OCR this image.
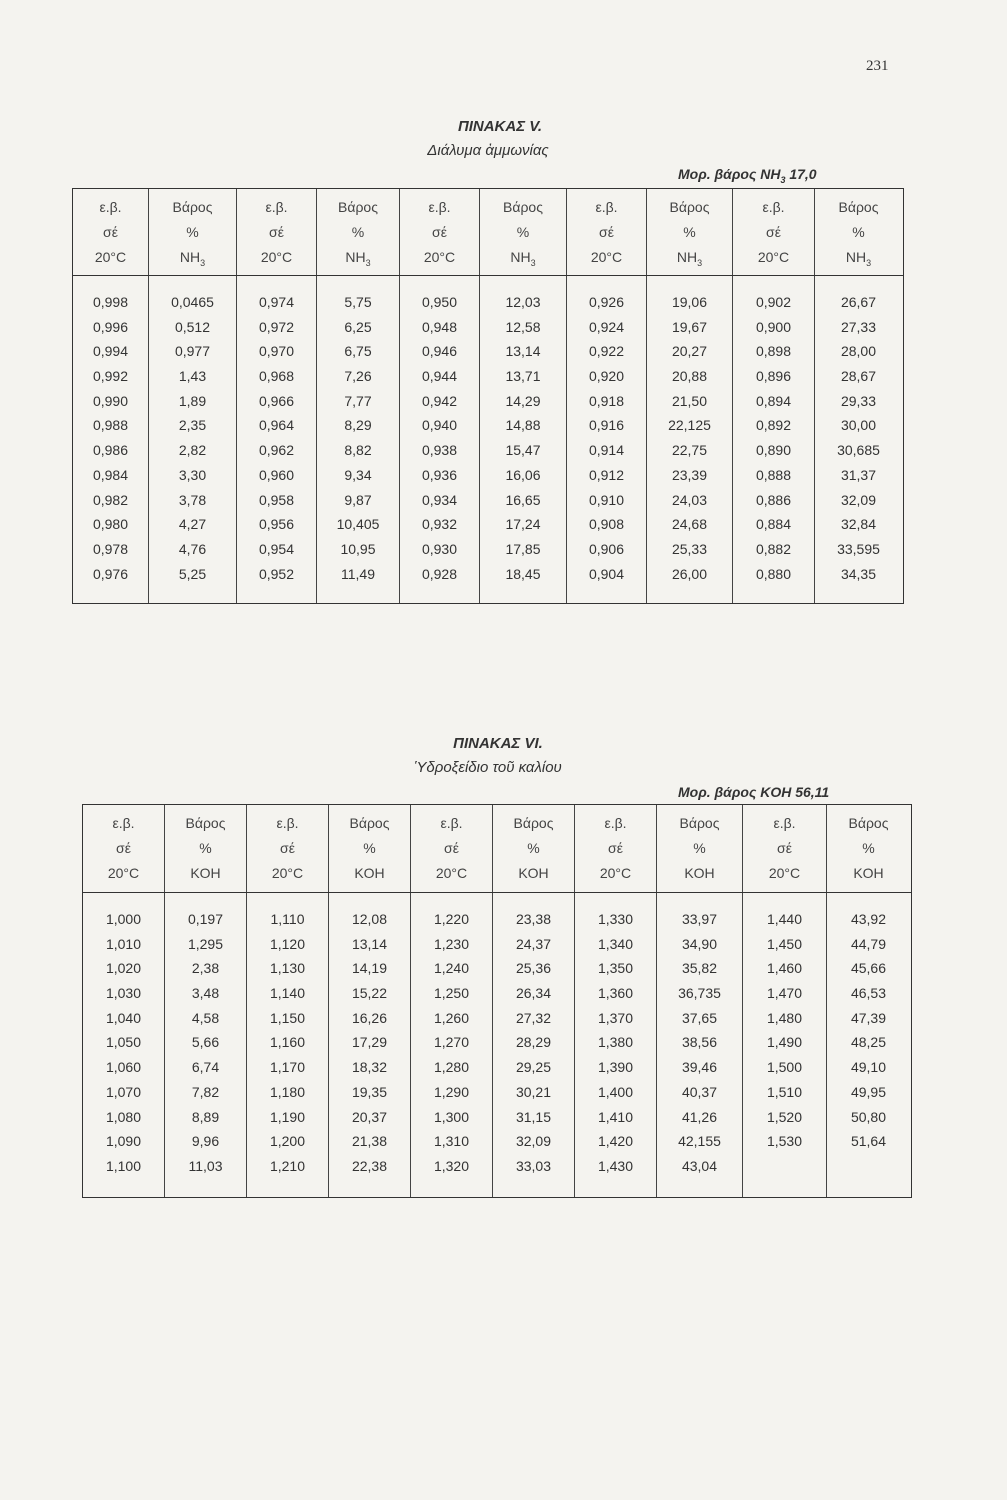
231
ΠΙΝΑΚΑΣ V.
Διάλυμα ἀμμωνίας
Μορ. βάρος $NH_3$ 17,0
ε.β.
σέ
20°C
Βάρος
%
$NH_3$
ε.β.
σέ
20°C
Βάρος
%
$NH_3$
ε.β.
σέ
20°C
Βάρος
%
$NH_3$
ε.β.
σέ
20°C
Βάρος
%
$NH_3$
ε.β.
σέ
20°C
Βάρος
%
$NH_3$
0,998
0,996
0,994
0,992
0,990
0,988
0,986
0,984
0,982
0,980
0,978
0,976
0,0465
0,512
0,977
1,43
1,89
2,35
2,82
3,30
3,78
4,27
4,76
5,25
0,974
0,972
0,970
0,968
0,966
0,964
0,962
0,960
0,958
0,956
0,954
0,952
5,75
6,25
6,75
7,26
7,77
8,29
8,82
9,34
9,87
10,405
10,95
11,49
0,950
0,948
0,946
0,944
0,942
0,940
0,938
0,936
0,934
0,932
0,930
0,928
12,03
12,58
13,14
13,71
14,29
14,88
15,47
16,06
16,65
17,24
17,85
18,45
0,926
0,924
0,922
0,920
0,918
0,916
0,914
0,912
0,910
0,908
0,906
0,904
19,06
19,67
20,27
20,88
21,50
22,125
22,75
23,39
24,03
24,68
25,33
26,00
0,902
0,900
0,898
0,896
0,894
0,892
0,890
0,888
0,886
0,884
0,882
0,880
26,67
27,33
28,00
28,67
29,33
30,00
30,685
31,37
32,09
32,84
33,595
34,35
ΠΙΝΑΚΑΣ VI.
Ὑδροξείδιο τοῦ καλίου
Μορ. βάρος KOH 56,11
ε.β.
σέ
20°C
Βάρος
%
KOH
ε.β.
σέ
20°C
Βάρος
%
KOH
ε.β.
σέ
20°C
Βάρος
%
KOH
ε.β.
σέ
20°C
Βάρος
%
KOH
ε.β.
σέ
20°C
Βάρος
%
KOH
1,000
1,010
1,020
1,030
1,040
1,050
1,060
1,070
1,080
1,090
1,100
0,197
1,295
2,38
3,48
4,58
5,66
6,74
7,82
8,89
9,96
11,03
1,110
1,120
1,130
1,140
1,150
1,160
1,170
1,180
1,190
1,200
1,210
12,08
13,14
14,19
15,22
16,26
17,29
18,32
19,35
20,37
21,38
22,38
1,220
1,230
1,240
1,250
1,260
1,270
1,280
1,290
1,300
1,310
1,320
23,38
24,37
25,36
26,34
27,32
28,29
29,25
30,21
31,15
32,09
33,03
1,330
1,340
1,350
1,360
1,370
1,380
1,390
1,400
1,410
1,420
1,430
33,97
34,90
35,82
36,735
37,65
38,56
39,46
40,37
41,26
42,155
43,04
1,440
1,450
1,460
1,470
1,480
1,490
1,500
1,510
1,520
1,530
43,92
44,79
45,66
46,53
47,39
48,25
49,10
49,95
50,80
51,64
